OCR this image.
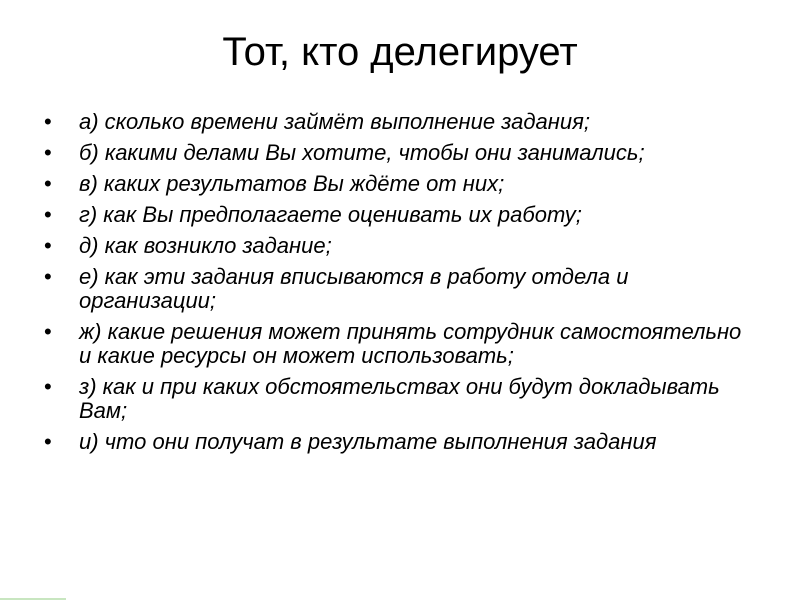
Тот, кто делегирует
•	а) сколько времени займёт выполнение задания;
•	б) какими делами Вы хотите, чтобы они занимались;
•	в) каких результатов Вы ждёте от них;
•	г) как Вы предполагаете оценивать их работу;
•	д) как возникло задание;
•	е) как эти задания вписываются в работу отдела и организации;
•	ж) какие решения может принять сотрудник самостоятельно и какие ресурсы он может использовать;
•	з) как и при каких обстоятельствах они будут докладывать Вам;
•	и) что они получат в результате выполнения задания
